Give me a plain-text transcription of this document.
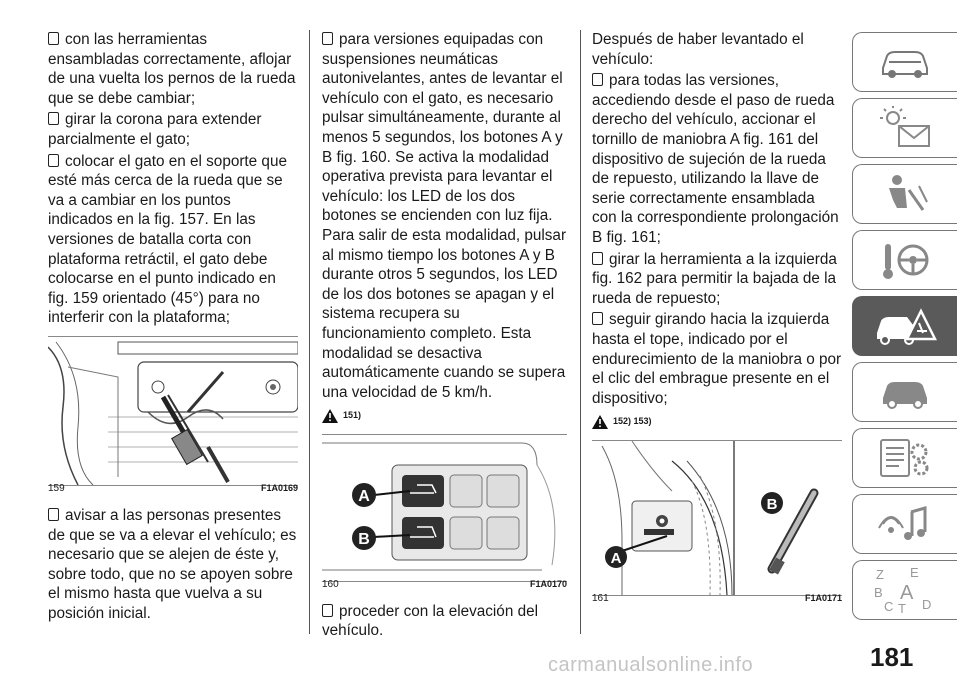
con las herramientas ensambladas correctamente, aflojar de una vuelta los pernos de la rueda que se debe cambiar;

girar la corona para extender parcialmente el gato;

colocar el gato en el soporte que esté más cerca de la rueda que se va a cambiar en los puntos indicados en la fig. 157. En las versiones de batalla corta con plataforma retráctil, el gato debe colocarse en el punto indicado en fig. 159 orientado (45°) para no interferir con la plataforma;

159	F1A0169

avisar a las personas presentes de que se va a elevar el vehículo; es necesario que se alejen de éste y, sobre todo, que no se apoyen sobre el mismo hasta que vuelva a su posición inicial.

para versiones equipadas con suspensiones neumáticas autonivelantes, antes de levantar el vehículo con el gato, es necesario pulsar simultáneamente, durante al menos 5 segundos, los botones A y B fig. 160. Se activa la modalidad operativa prevista para levantar el vehículo: los LED de los dos botones se encienden con luz fija. Para salir de esta modalidad, pulsar al mismo tiempo los botones A y B durante otros 5 segundos, los LED de los dos botones se apagan y el sistema recupera su funcionamiento completo. Esta modalidad se desactiva automáticamente cuando se supera una velocidad de 5 km/h.

151)
A
B
160	F1A0170

proceder con la elevación del vehículo.

Después de haber levantado el vehículo:

para todas las versiones, accediendo desde el paso de rueda derecho del vehículo, accionar el tornillo de maniobra A fig. 161 del dispositivo de sujeción de la rueda de repuesto, utilizando la llave de serie correctamente ensamblada con la correspondiente prolongación B fig. 161;

girar la herramienta a la izquierda fig. 162 para permitir la bajada de la rueda de repuesto;

seguir girando hacia la izquierda hasta el tope, indicado por el endurecimiento de la maniobra o por el clic del embrague presente en el dispositivo;

152) 153)
A
B
161	F1A0171
Z E
B A
C T D
181
carmanualsonline.info
